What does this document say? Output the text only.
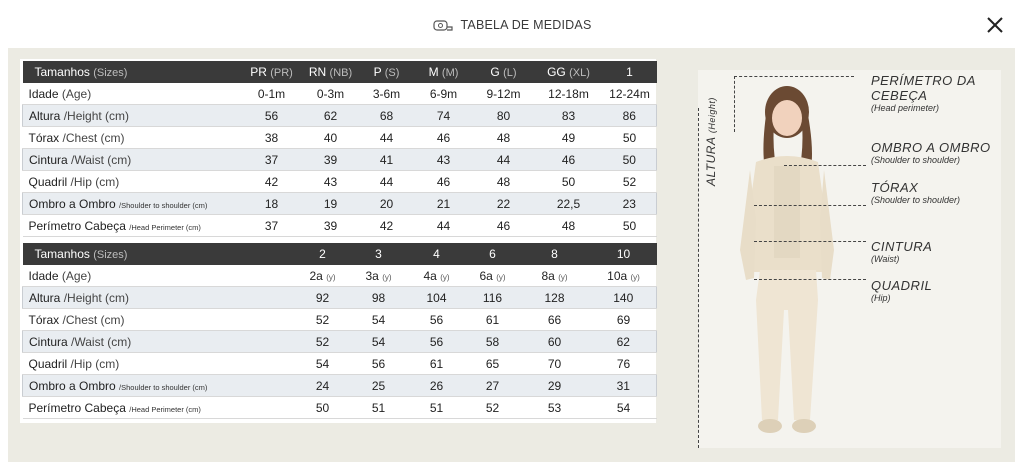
TABELA DE MEDIDAS
Tamanhos (Sizes)	PR (PR)	RN (NB)	P (S)	M (M)	G (L)	GG (XL)	1
Idade (Age)	0-1m	0-3m	3-6m	6-9m	9-12m	12-18m	12-24m
Altura /Height (cm)	56	62	68	74	80	83	86
Tórax /Chest (cm)	38	40	44	46	48	49	50
Cintura /Waist (cm)	37	39	41	43	44	46	50
Quadril /Hip (cm)	42	43	44	46	48	50	52
Ombro a Ombro /Shoulder to shoulder (cm)	18	19	20	21	22	22,5	23
Perímetro Cabeça /Head Perimeter (cm)	37	39	42	44	46	48	50
Tamanhos (Sizes)	2	3	4	6	8	10
Idade (Age)	2a (y)	3a (y)	4a (y)	6a (y)	8a (y)	10a (y)
Altura /Height (cm)	92	98	104	116	128	140
Tórax /Chest (cm)	52	54	56	61	66	69
Cintura /Waist (cm)	52	54	56	58	60	62
Quadril /Hip (cm)	54	56	61	65	70	76
Ombro a Ombro /Shoulder to shoulder (cm)	24	25	26	27	29	31
Perímetro Cabeça /Head Perimeter (cm)	50	51	51	52	53	54
ALTURA (Height)
PERÍMETRO DA
CEBEÇA
(Head perimeter)
OMBRO A OMBRO
(Shoulder to shoulder)
TÓRAX
(Shoulder to shoulder)
CINTURA
(Waist)
QUADRIL
(Hip)
